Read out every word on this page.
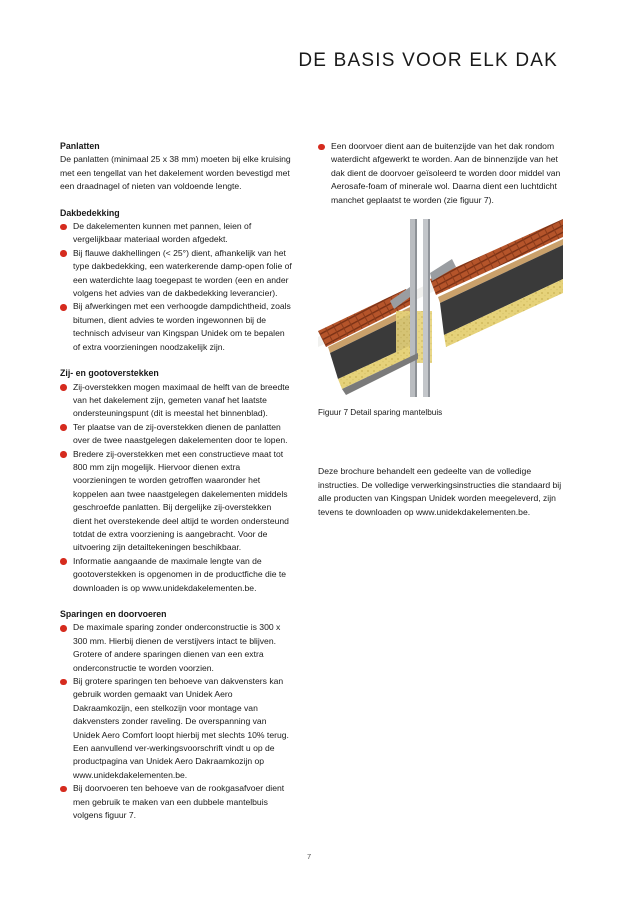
DE BASIS VOOR ELK DAK

Panlatten

De panlatten (minimaal 25 x 38 mm) moeten bij elke kruising met een tengellat van het dakelement worden bevestigd met een draadnagel of nieten van voldoende lengte.

Dakbedekking

De dakelementen kunnen met pannen, leien of vergelijkbaar materiaal worden afgedekt.
Bij flauwe dakhellingen (< 25°) dient, afhankelijk van het type dakbedekking, een waterkerende damp-open folie of een waterdichte laag toegepast te worden (een en ander volgens het advies van de dakbedekking leverancier).
Bij afwerkingen met een verhoogde dampdichtheid, zoals bitumen, dient advies te worden ingewonnen bij de technisch adviseur van Kingspan Unidek om te bepalen of extra voorzieningen noodzakelijk zijn.

Zij- en gootoverstekken

Zij-overstekken mogen maximaal de helft van de breedte van het dakelement zijn, gemeten vanaf het laatste ondersteuningspunt (dit is meestal het binnenblad).
Ter plaatse van de zij-overstekken dienen de panlatten over de twee naastgelegen dakelementen door te lopen.
Bredere zij-overstekken met een constructieve maat tot 800 mm zijn mogelijk. Hiervoor dienen extra voorzieningen te worden getroffen waaronder het koppelen aan twee naastgelegen dakelementen middels geschroefde panlatten. Bij dergelijke zij-overstekken dient het overstekende deel altijd te worden ondersteund totdat de extra voorziening is aangebracht. Voor de uitvoering zijn detailtekeningen beschikbaar.
Informatie aangaande de maximale lengte van de gootoverstekken is opgenomen in de productfiche die te downloaden is op www.unidekdakelementen.be.

Sparingen en doorvoeren

De maximale sparing zonder onderconstructie is 300 x 300 mm. Hierbij dienen de verstijvers intact te blijven. Grotere of andere sparingen dienen van een extra onderconstructie te worden voorzien.
Bij grotere sparingen ten behoeve van dakvensters kan gebruik worden gemaakt van Unidek Aero Dakraamkozijn, een stelkozijn voor montage van dakvensters zonder raveling. De overspanning van Unidek Aero Comfort loopt hierbij met slechts 10% terug. Een aanvullend ver-werkingsvoorschrift vindt u op de productpagina van Unidek Aero Dakraamkozijn op www.unidekdakelementen.be.
Bij doorvoeren ten behoeve van de rookgasafvoer dient men gebruik te maken van een dubbele mantelbuis volgens figuur 7.
Een doorvoer dient aan de buitenzijde van het dak rondom waterdicht afgewerkt te worden. Aan de binnenzijde van het dak dient de doorvoer geïsoleerd te worden door middel van Aerosafe-foam of minerale wol. Daarna dient een luchtdicht manchet geplaatst te worden (zie figuur 7).

Figuur 7 Detail sparing mantelbuis

Deze brochure behandelt een gedeelte van de volledige instructies. De volledige verwerkingsinstructies die standaard bij alle producten van Kingspan Unidek worden meegeleverd, zijn tevens te downloaden op www.unidekdakelementen.be.

7
